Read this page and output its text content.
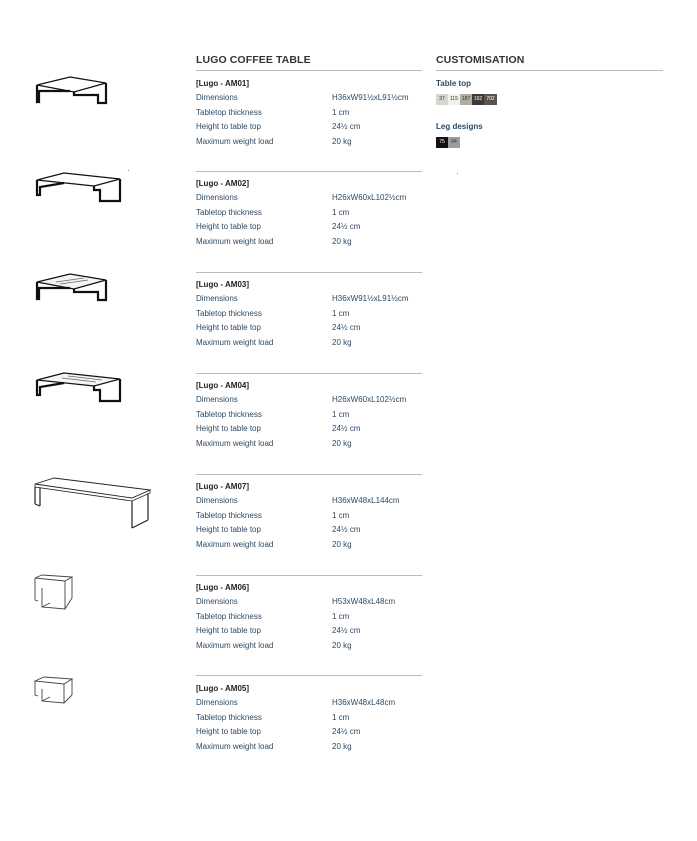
LUGO COFFEE TABLE	CUSTOMISATION
Table top
37	115 187 192 702
Leg designs
75	84
[Lugo - AM01]
Dimensions	H36xW91½xL91½cm
Tabletop thickness	1 cm
Height to table top	24½ cm
Maximum weight load	20 kg
[Lugo - AM02]
Dimensions	H26xW60xL102½cm
Tabletop thickness	1 cm
Height to table top	24½ cm
Maximum weight load	20 kg
[Lugo - AM03]
Dimensions	H36xW91½xL91½cm
Tabletop thickness	1 cm
Height to table top	24½ cm
Maximum weight load	20 kg
[Lugo - AM04]
Dimensions	H26xW60xL102½cm
Tabletop thickness	1 cm
Height to table top	24½ cm
Maximum weight load	20 kg
[Lugo - AM07]
Dimensions	H36xW48xL144cm
Tabletop thickness	1 cm
Height to table top	24½ cm
Maximum weight load	20 kg
[Lugo - AM06]
Dimensions	H53xW48xL48cm
Tabletop thickness	1 cm
Height to table top	24½ cm
Maximum weight load	20 kg
[Lugo - AM05]
Dimensions	H36xW48xL48cm
Tabletop thickness	1 cm
Height to table top	24½ cm
Maximum weight load	20 kg
